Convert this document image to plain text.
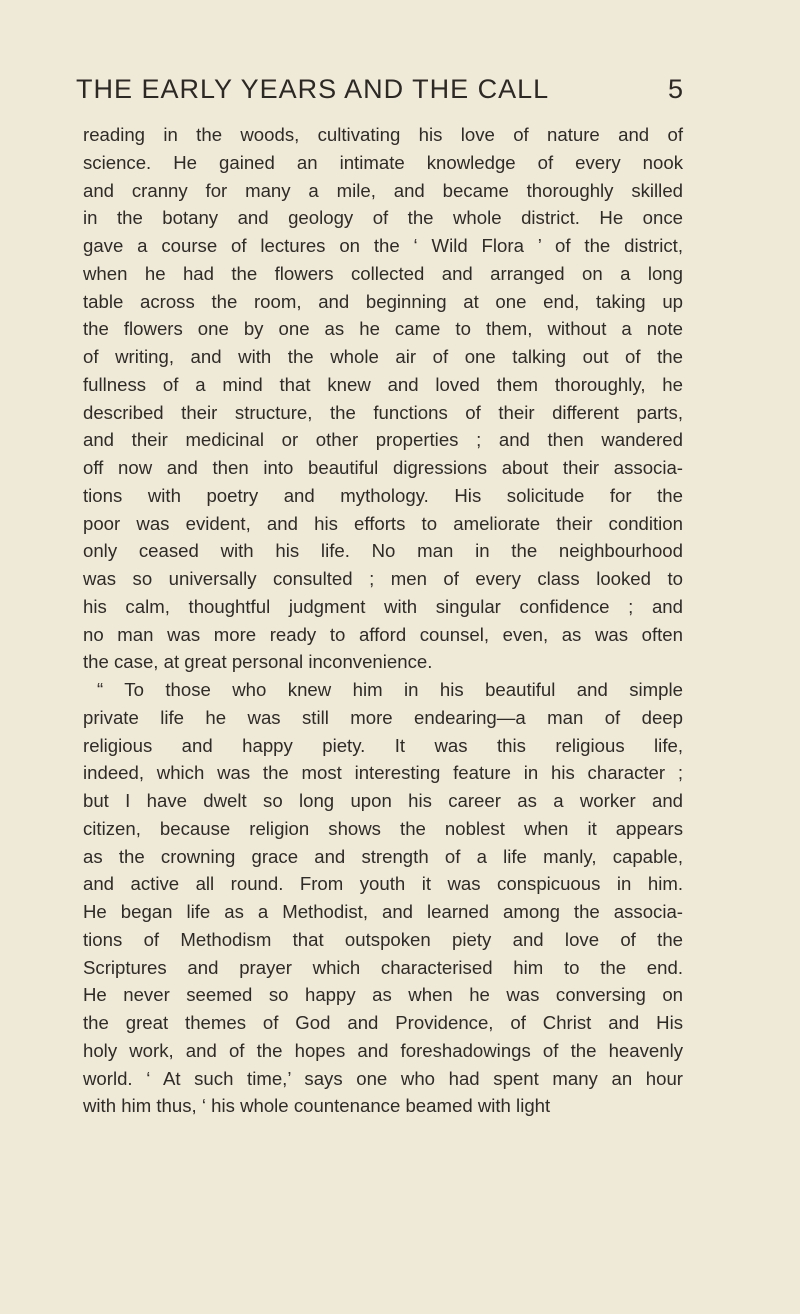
THE EARLY YEARS AND THE CALL	5
reading in the woods, cultivating his love of nature and of
science. He gained an intimate knowledge of every nook
and cranny for many a mile, and became thoroughly skilled
in the botany and geology of the whole district. He once
gave a course of lectures on the ‘ Wild Flora ’ of the district,
when he had the flowers collected and arranged on a long
table across the room, and beginning at one end, taking up
the flowers one by one as he came to them, without a note
of writing, and with the whole air of one talking out of the
fullness of a mind that knew and loved them thoroughly, he
described their structure, the functions of their different parts,
and their medicinal or other properties ; and then wandered
off now and then into beautiful digressions about their associa-
tions with poetry and mythology. His solicitude for the
poor was evident, and his efforts to ameliorate their condition
only ceased with his life. No man in the neighbourhood
was so universally consulted ; men of every class looked to
his calm, thoughtful judgment with singular confidence ; and
no man was more ready to afford counsel, even, as was often
the case, at great personal inconvenience.
“ To those who knew him in his beautiful and simple
private life he was still more endearing—a man of deep
religious and happy piety. It was this religious life,
indeed, which was the most interesting feature in his character ;
but I have dwelt so long upon his career as a worker and
citizen, because religion shows the noblest when it appears
as the crowning grace and strength of a life manly, capable,
and active all round. From youth it was conspicuous in him.
He began life as a Methodist, and learned among the associa-
tions of Methodism that outspoken piety and love of the
Scriptures and prayer which characterised him to the end.
He never seemed so happy as when he was conversing on
the great themes of God and Providence, of Christ and His
holy work, and of the hopes and foreshadowings of the heavenly
world. ‘ At such time,’ says one who had spent many an hour
with him thus, ‘ his whole countenance beamed with light
